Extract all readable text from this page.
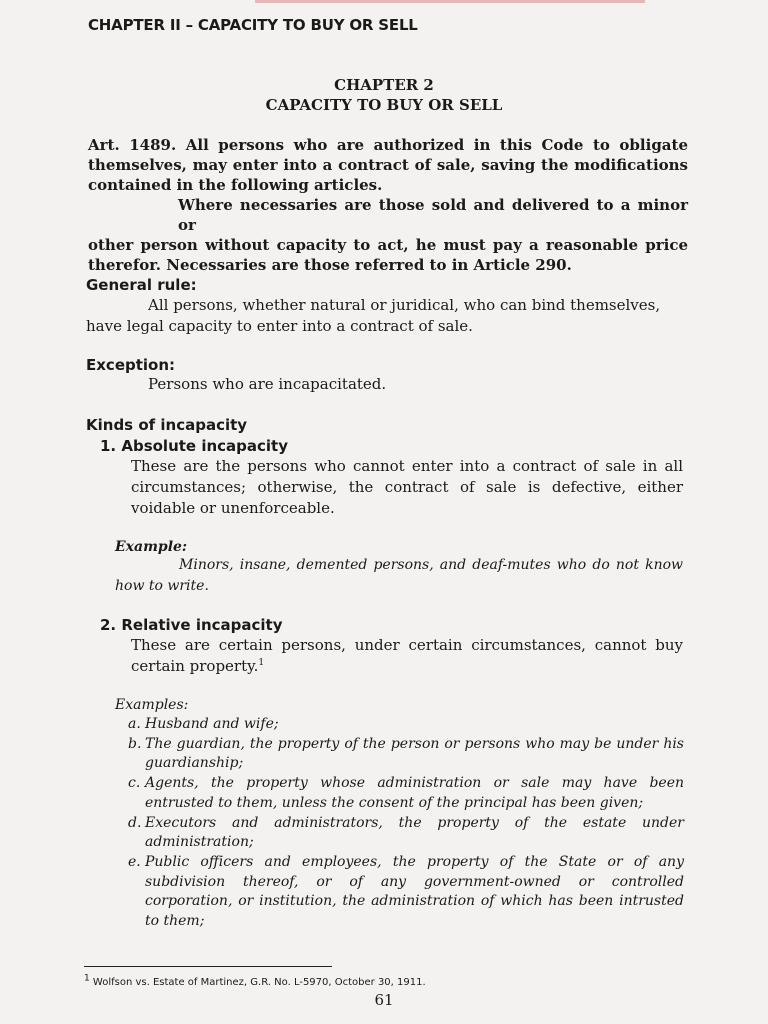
CHAPTER II – CAPACITY TO BUY OR SELL

CHAPTER 2

CAPACITY TO BUY OR SELL

Art. 1489. All persons who are authorized in this Code to obligate
themselves, may enter into a contract of sale, saving the modifications
contained in the following articles.
Where necessaries are those sold and delivered to a minor or
other person without capacity to act, he must pay a reasonable price
therefor. Necessaries are those referred to in Article 290.

General rule:

All persons, whether natural or juridical, who can bind themselves,
have legal capacity to enter into a contract of sale.

Exception:

Persons who are incapacitated.

Kinds of incapacity

1. Absolute incapacity

These are the persons who cannot enter into a contract of sale in all
circumstances; otherwise, the contract of sale is defective, either
voidable or unenforceable.

Example:

Minors, insane, demented persons, and deaf-mutes who do not know
how to write.

2. Relative incapacity

These are certain persons, under certain circumstances, cannot buy
certain property.$^1$

Examples:

a. Husband and wife;
b. The guardian, the property of the person or persons who may be under his
guardianship;
c. Agents, the property whose administration or sale may have been
entrusted to them, unless the consent of the principal has been given;
d. Executors and administrators, the property of the estate under
administration;
e. Public officers and employees, the property of the State or of any
subdivision thereof, or of any government-owned or controlled
corporation, or institution, the administration of which has been intrusted
to them;

$^1$ Wolfson vs. Estate of Martinez, G.R. No. L-5970, October 30, 1911.

61
